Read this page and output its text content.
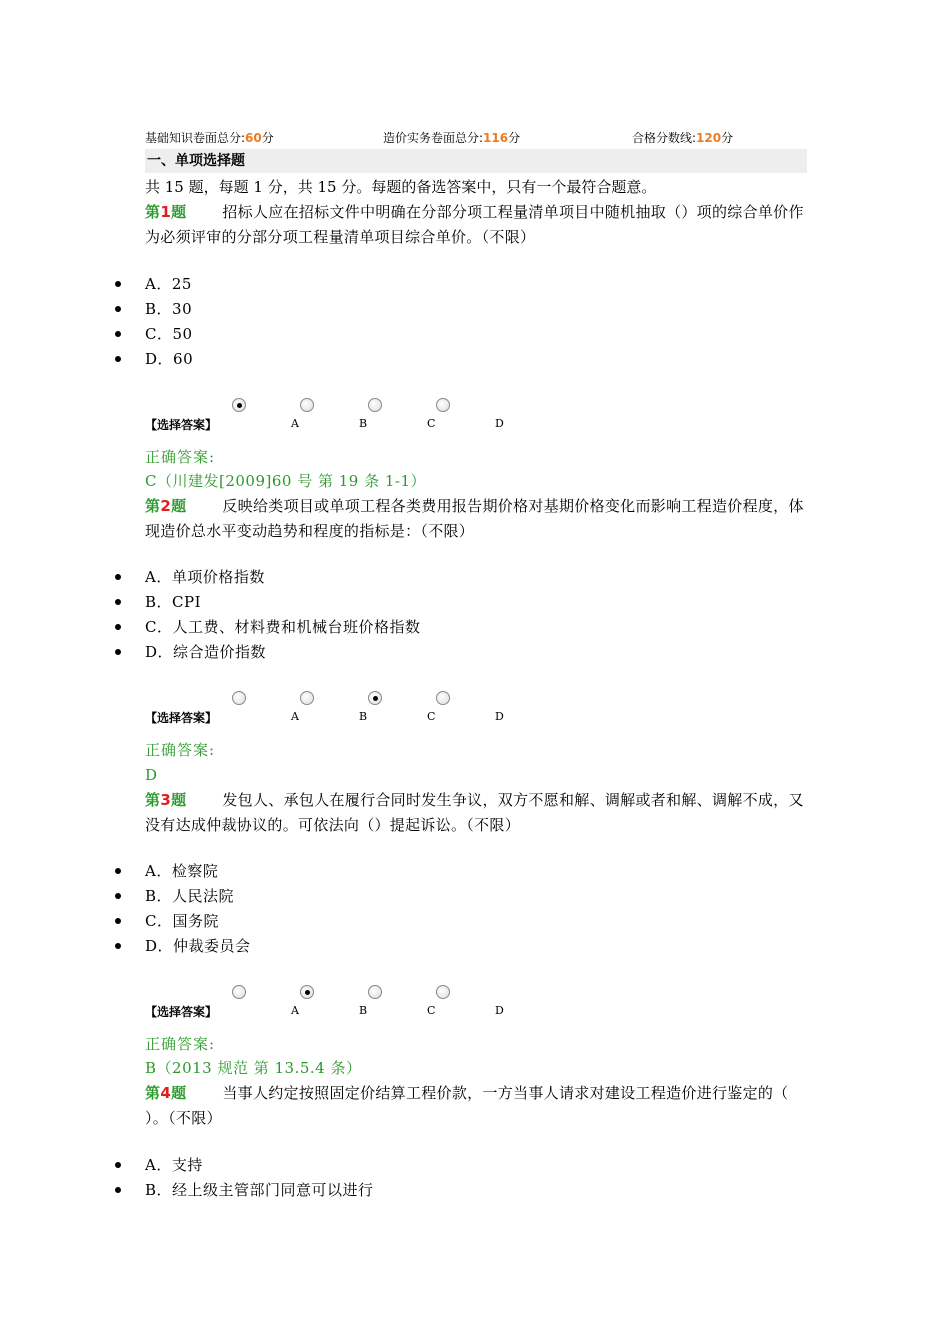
基础知识卷面总分:60分	造价实务卷面总分:116分	合格分数线:120分
一、单项选择题
共 15 题，每题 1 分，共 15 分。每题的备选答案中，只有一个最符合题意。
第1题 招标人应在招标文件中明确在分部分项工程量清单项目中随机抽取（）项的综合单价作为必须评审的分部分项工程量清单项目综合单价。（不限）
A．25
B．30
C．50
D．60
【选择答案】	A	B	C	D
正确答案:
C（川建发[2009]60 号 第 19 条 1-1）
第2题 反映给类项目或单项工程各类费用报告期价格对基期价格变化而影响工程造价程度，体现造价总水平变动趋势和程度的指标是：（不限）
A．单项价格指数
B．CPI
C．人工费、材料费和机械台班价格指数
D．综合造价指数
【选择答案】	A	B	C	D
正确答案:
D
第3题 发包人、承包人在履行合同时发生争议，双方不愿和解、调解或者和解、调解不成，又没有达成仲裁协议的。可依法向（）提起诉讼。（不限）
A．检察院
B．人民法院
C．国务院
D．仲裁委员会
【选择答案】	A	B	C	D
正确答案:
B（2013 规范 第 13.5.4 条）
第4题 当事人约定按照固定价结算工程价款，一方当事人请求对建设工程造价进行鉴定的（ ）。（不限）
A．支持
B．经上级主管部门同意可以进行
